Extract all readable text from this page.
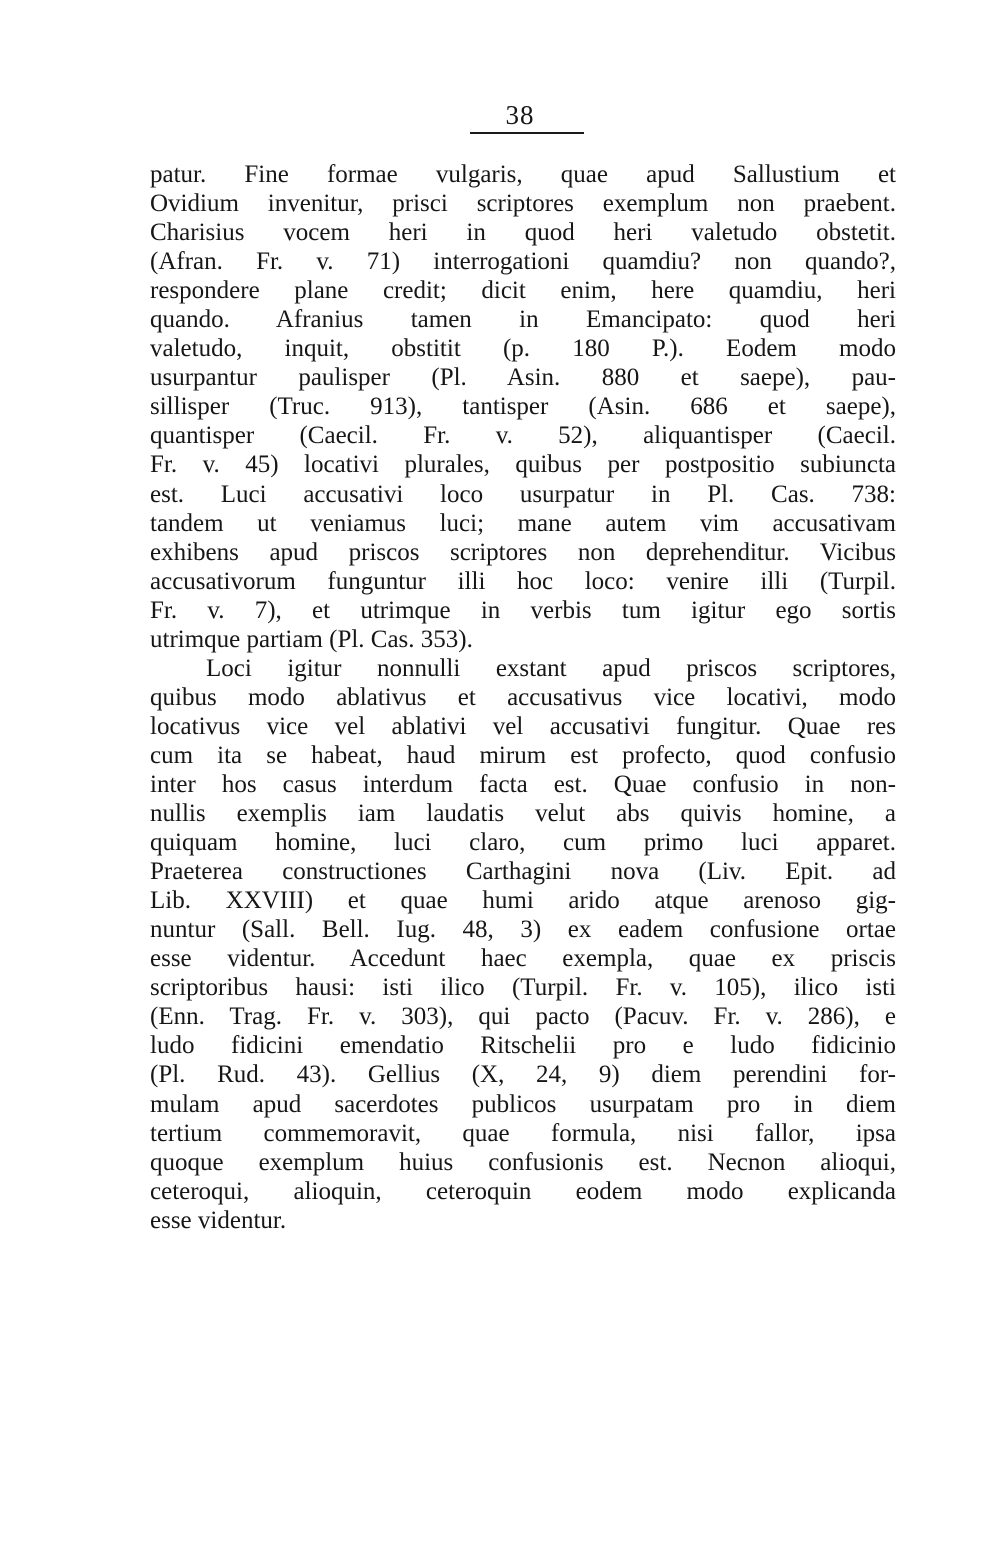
38
patur. Fine formae vulgaris, quae apud Sallustium et
Ovidium invenitur, prisci scriptores exemplum non praebent.
Charisius vocem heri in quod heri valetudo obstetit.
(Afran. Fr. v. 71) interrogationi quamdiu? non quando?,
respondere plane credit; dicit enim, here quamdiu, heri
quando. Afranius tamen in Emancipato: quod heri
valetudo, inquit, obstitit (p. 180 P.). Eodem modo
usurpantur paulisper (Pl. Asin. 880 et saepe), pau-
sillisper (Truc. 913), tantisper (Asin. 686 et saepe),
quantisper (Caecil. Fr. v. 52), aliquantisper (Caecil.
Fr. v. 45) locativi plurales, quibus per postpositio subiuncta
est. Luci accusativi loco usurpatur in Pl. Cas. 738:
tandem ut veniamus luci; mane autem vim accusativam
exhibens apud priscos scriptores non deprehenditur. Vicibus
accusativorum funguntur illi hoc loco: venire illi (Turpil.
Fr. v. 7), et utrimque in verbis tum igitur ego sortis
utrimque partiam (Pl. Cas. 353).
Loci igitur nonnulli exstant apud priscos scriptores,
quibus modo ablativus et accusativus vice locativi, modo
locativus vice vel ablativi vel accusativi fungitur. Quae res
cum ita se habeat, haud mirum est profecto, quod confusio
inter hos casus interdum facta est. Quae confusio in non-
nullis exemplis iam laudatis velut abs quivis homine, a
quiquam homine, luci claro, cum primo luci apparet.
Praeterea constructiones Carthagini nova (Liv. Epit. ad
Lib. XXVIII) et quae humi arido atque arenoso gig-
nuntur (Sall. Bell. Iug. 48, 3) ex eadem confusione ortae
esse videntur. Accedunt haec exempla, quae ex priscis
scriptoribus hausi: isti ilico (Turpil. Fr. v. 105), ilico isti
(Enn. Trag. Fr. v. 303), qui pacto (Pacuv. Fr. v. 286), e
ludo fidicini emendatio Ritschelii pro e ludo fidicinio
(Pl. Rud. 43). Gellius (X, 24, 9) diem perendini for-
mulam apud sacerdotes publicos usurpatam pro in diem
tertium commemoravit, quae formula, nisi fallor, ipsa
quoque exemplum huius confusionis est. Necnon alioqui,
ceteroqui, alioquin, ceteroquin eodem modo explicanda
esse videntur.
